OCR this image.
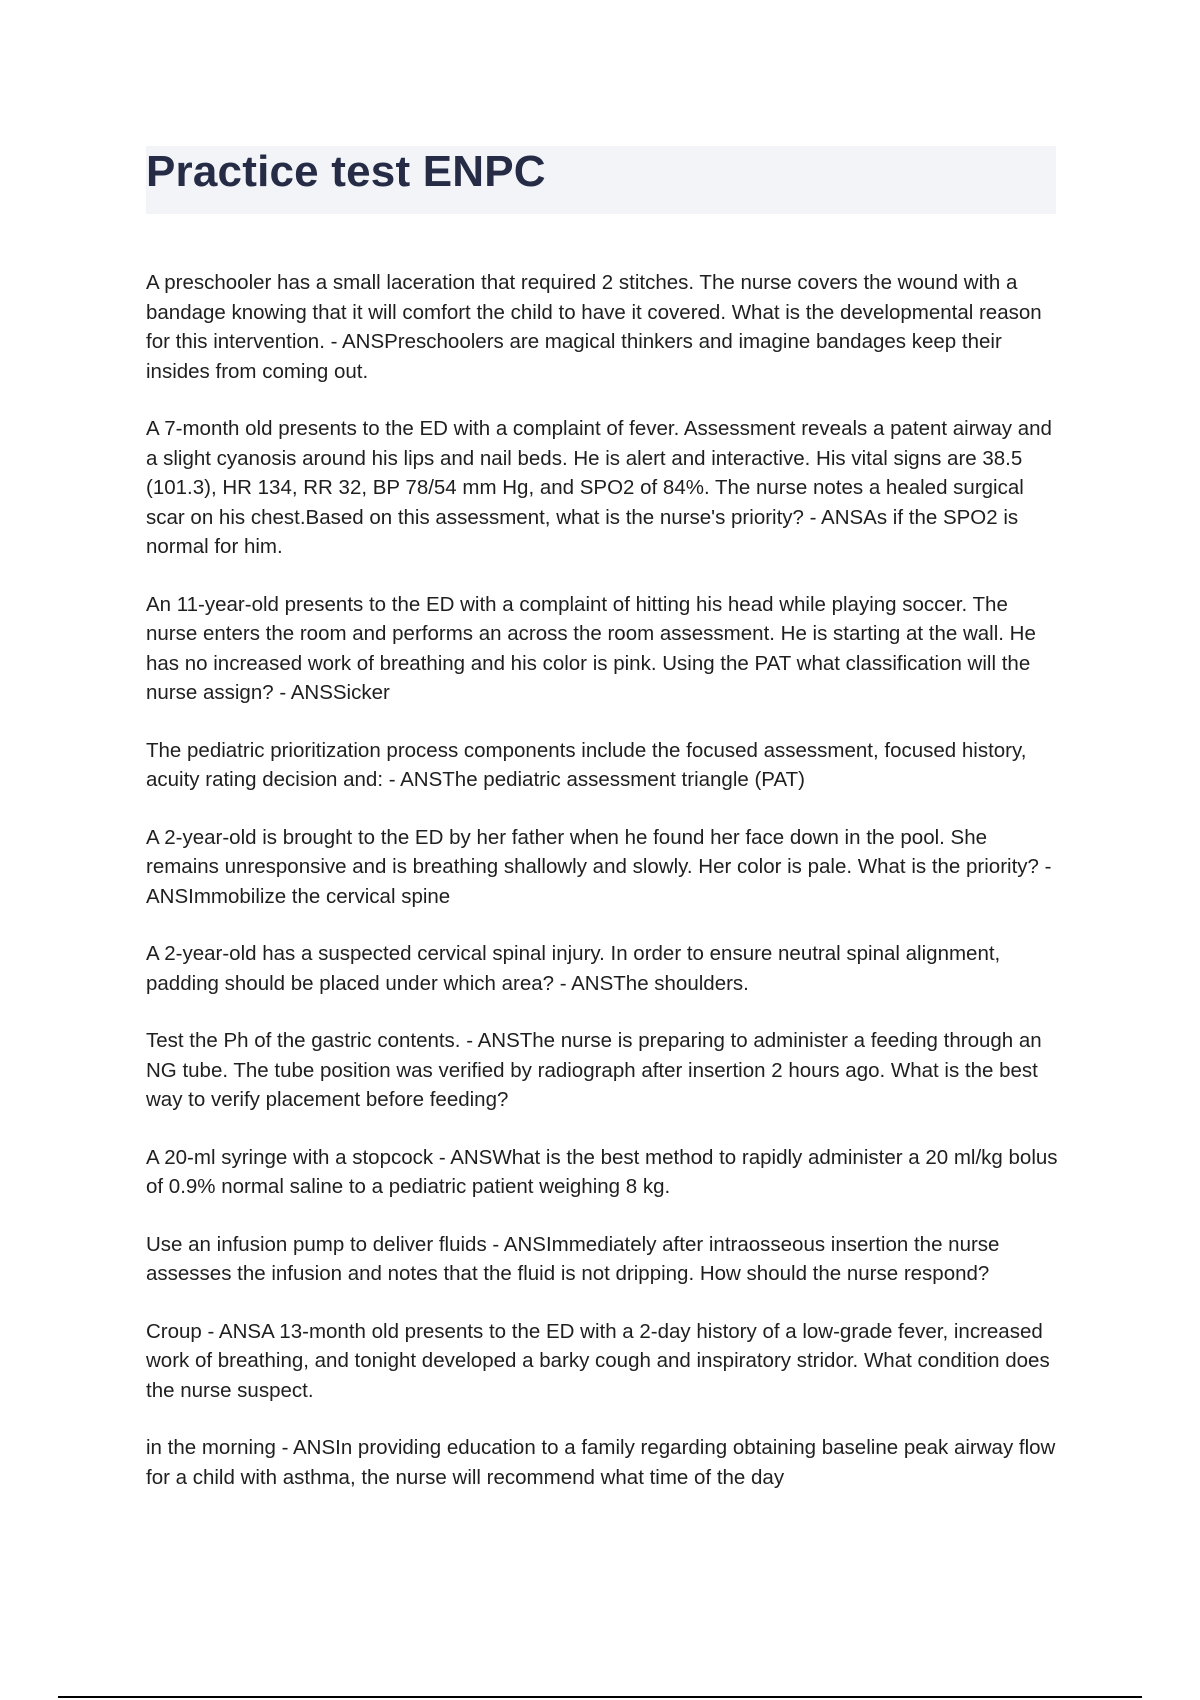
Practice test ENPC

A preschooler has a small laceration that required 2 stitches. The nurse covers the wound with a bandage knowing that it will comfort the child to have it covered. What is the developmental reason for this intervention. - ANSPreschoolers are magical thinkers and imagine bandages keep their insides from coming out.

A 7-month old presents to the ED with a complaint of fever. Assessment reveals a patent airway and a slight cyanosis around his lips and nail beds. He is alert and interactive. His vital signs are 38.5 (101.3), HR 134, RR 32, BP 78/54 mm Hg, and SPO2 of 84%. The nurse notes a healed surgical scar on his chest.Based on this assessment, what is the nurse's priority? - ANSAs if the SPO2 is normal for him.

An 11-year-old presents to the ED with a complaint of hitting his head while playing soccer. The nurse enters the room and performs an across the room assessment. He is starting at the wall. He has no increased work of breathing and his color is pink. Using the PAT what classification will the nurse assign? - ANSSicker

The pediatric prioritization process components include the focused assessment, focused history, acuity rating decision and: - ANSThe pediatric assessment triangle (PAT)

A 2-year-old is brought to the ED by her father when he found her face down in the pool. She remains unresponsive and is breathing shallowly and slowly. Her color is pale. What is the priority? - ANSImmobilize the cervical spine

A 2-year-old has a suspected cervical spinal injury. In order to ensure neutral spinal alignment, padding should be placed under which area? - ANSThe shoulders.

Test the Ph of the gastric contents. - ANSThe nurse is preparing to administer a feeding through an NG tube. The tube position was verified by radiograph after insertion 2 hours ago. What is the best way to verify placement before feeding?

A 20-ml syringe with a stopcock - ANSWhat is the best method to rapidly administer a 20 ml/kg bolus of 0.9% normal saline to a pediatric patient weighing 8 kg.

Use an infusion pump to deliver fluids - ANSImmediately after intraosseous insertion the nurse assesses the infusion and notes that the fluid is not dripping. How should the nurse respond?

Croup - ANSA 13-month old presents to the ED with a 2-day history of a low-grade fever, increased work of breathing, and tonight developed a barky cough and inspiratory stridor. What condition does the nurse suspect.

in the morning - ANSIn providing education to a family regarding obtaining baseline peak airway flow for a child with asthma, the nurse will recommend what time of the day
